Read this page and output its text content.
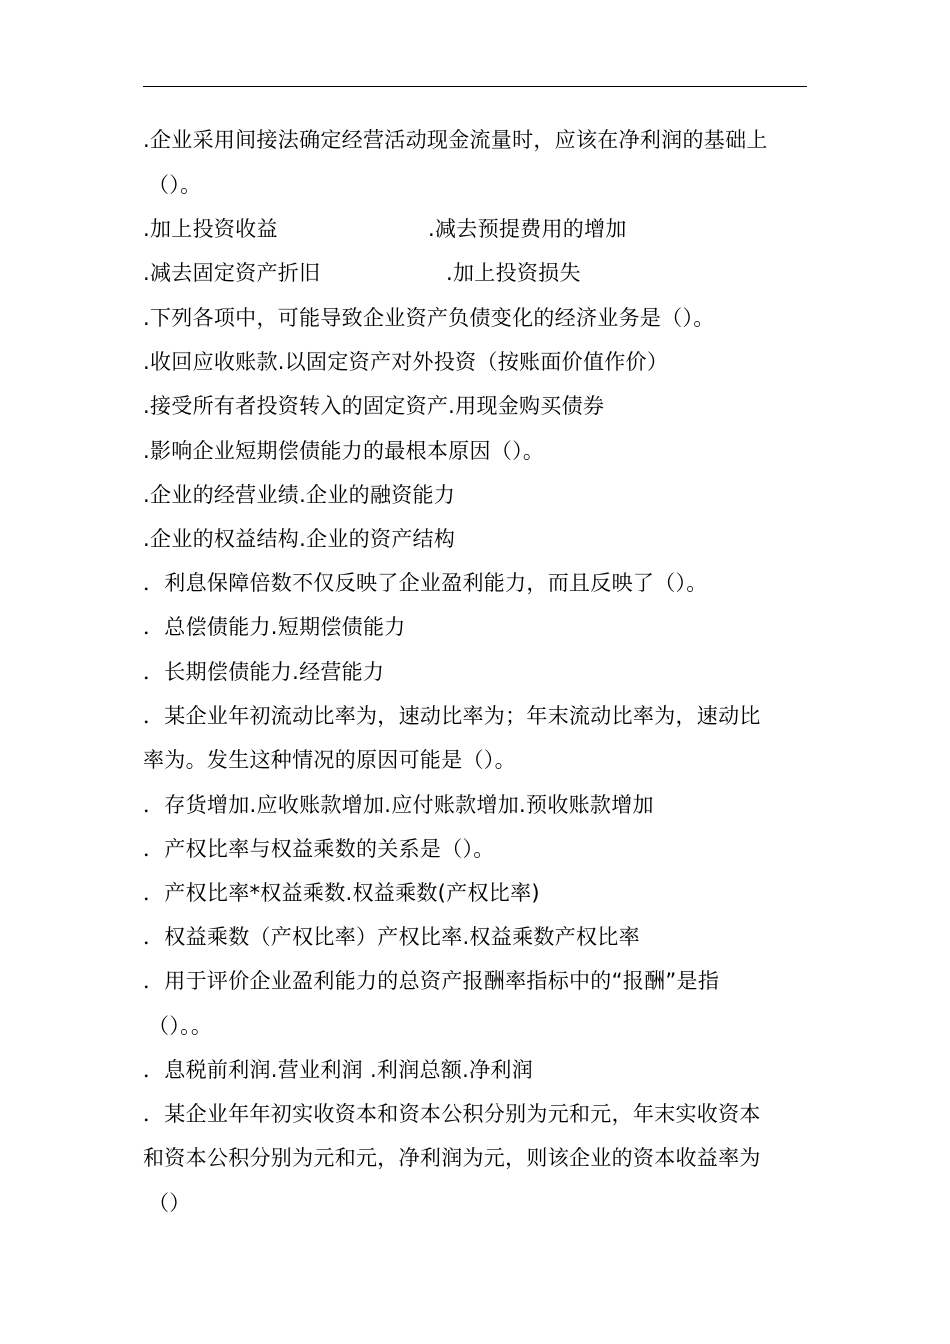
.企业采用间接法确定经营活动现金流量时，应该在净利润的基础上
（）。
.加上投资收益	.减去预提费用的增加
.减去固定资产折旧	.加上投资损失
.下列各项中，可能导致企业资产负债变化的经济业务是（）。
.收回应收账款.以固定资产对外投资（按账面价值作价）
.接受所有者投资转入的固定资产.用现金购买债券
.影响企业短期偿债能力的最根本原因（）。
.企业的经营业绩.企业的融资能力
.企业的权益结构.企业的资产结构
．利息保障倍数不仅反映了企业盈利能力，而且反映了（）。
．总偿债能力.短期偿债能力
．长期偿债能力.经营能力
．某企业年初流动比率为，速动比率为；年末流动比率为，速动比
率为。发生这种情况的原因可能是（）。
．存货增加.应收账款增加.应付账款增加.预收账款增加
．产权比率与权益乘数的关系是（）。
．产权比率*权益乘数.权益乘数(产权比率)
．权益乘数（产权比率）产权比率.权益乘数产权比率
．用于评价企业盈利能力的总资产报酬率指标中的“报酬”是指
（）。。
．息税前利润.营业利润 .利润总额.净利润
．某企业年年初实收资本和资本公积分别为元和元，年末实收资本
和资本公积分别为元和元，净利润为元，则该企业的资本收益率为
（）
